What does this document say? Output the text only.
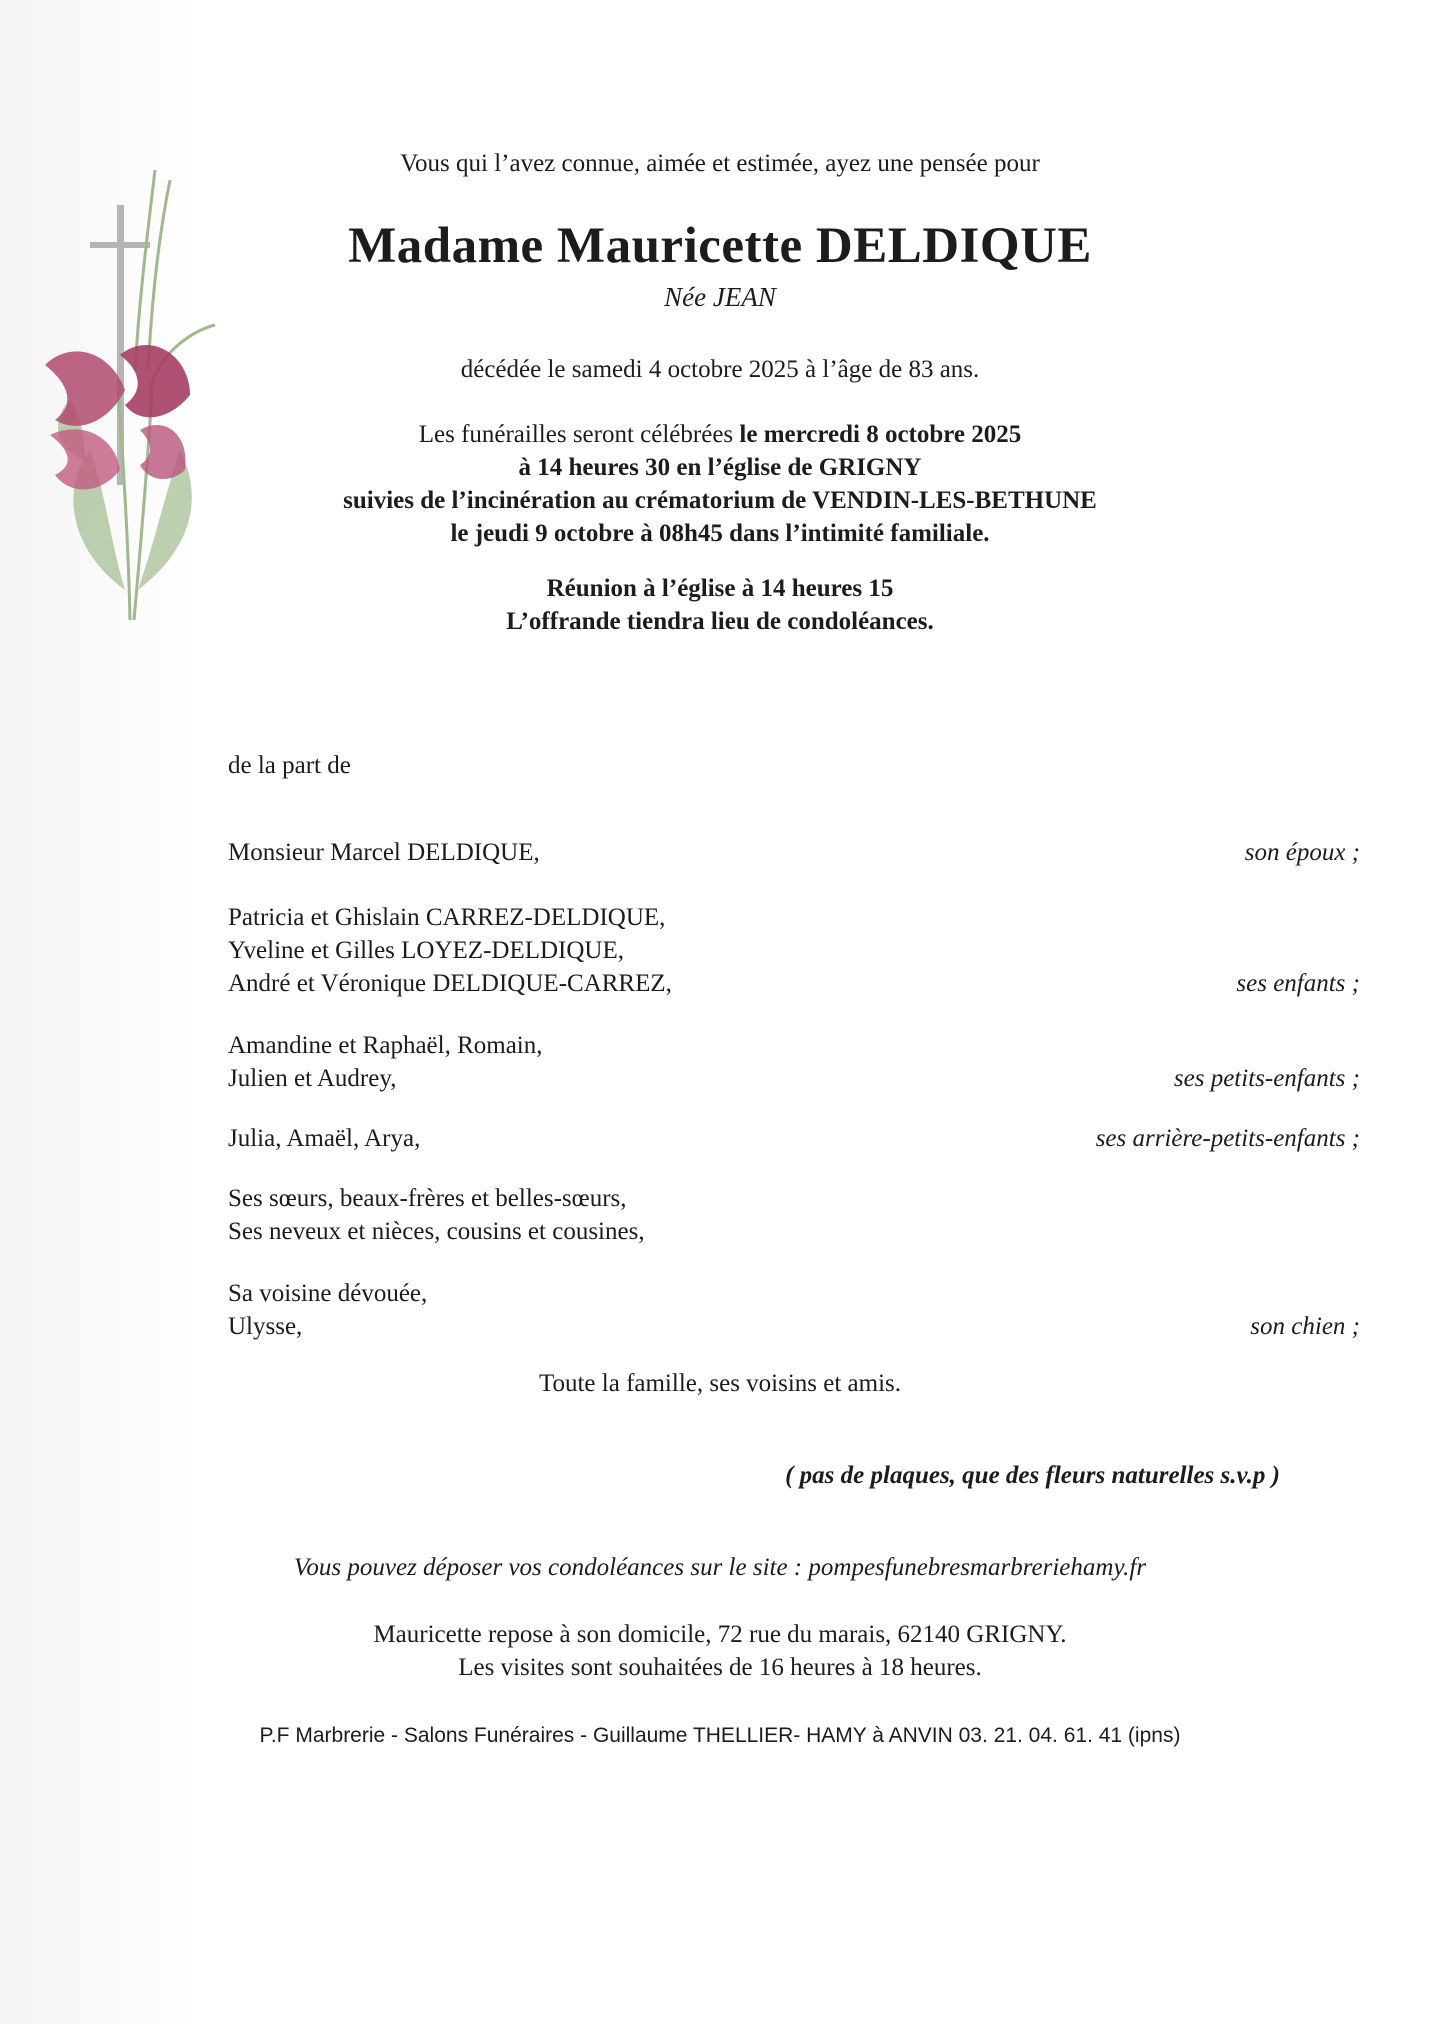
Vous qui l’avez connue, aimée et estimée, ayez une pensée pour
Madame Mauricette DELDIQUE
Née JEAN
décédée le samedi 4 octobre 2025 à l’âge de 83 ans.
Les funérailles seront célébrées le mercredi 8 octobre 2025
à 14 heures 30 en l’église de GRIGNY
suivies de l’incinération au crématorium de VENDIN-LES-BETHUNE
le jeudi 9 octobre à 08h45 dans l’intimité familiale.
Réunion à l’église à 14 heures 15
L’offrande tiendra lieu de condoléances.
de la part de
Monsieur Marcel DELDIQUE,	son époux ;
Patricia et Ghislain CARREZ-DELDIQUE,
Yveline et Gilles LOYEZ-DELDIQUE,
André et Véronique DELDIQUE-CARREZ,	ses enfants ;
Amandine et Raphaël, Romain,
Julien et Audrey,	ses petits-enfants ;
Julia, Amaël, Arya,	ses arrière-petits-enfants ;
Ses sœurs, beaux-frères et belles-sœurs,
Ses neveux et nièces, cousins et cousines,
Sa voisine dévouée,
Ulysse,	son chien ;
Toute la famille, ses voisins et amis.
( pas de plaques, que des fleurs naturelles s.v.p )
Vous pouvez déposer vos condoléances sur le site : pompesfunebresmarbreriehamy.fr
Mauricette repose à son domicile, 72 rue du marais, 62140 GRIGNY.
Les visites sont souhaitées de 16 heures à 18 heures.
P.F Marbrerie - Salons Funéraires - Guillaume THELLIER- HAMY à ANVIN 03. 21. 04. 61. 41 (ipns)
